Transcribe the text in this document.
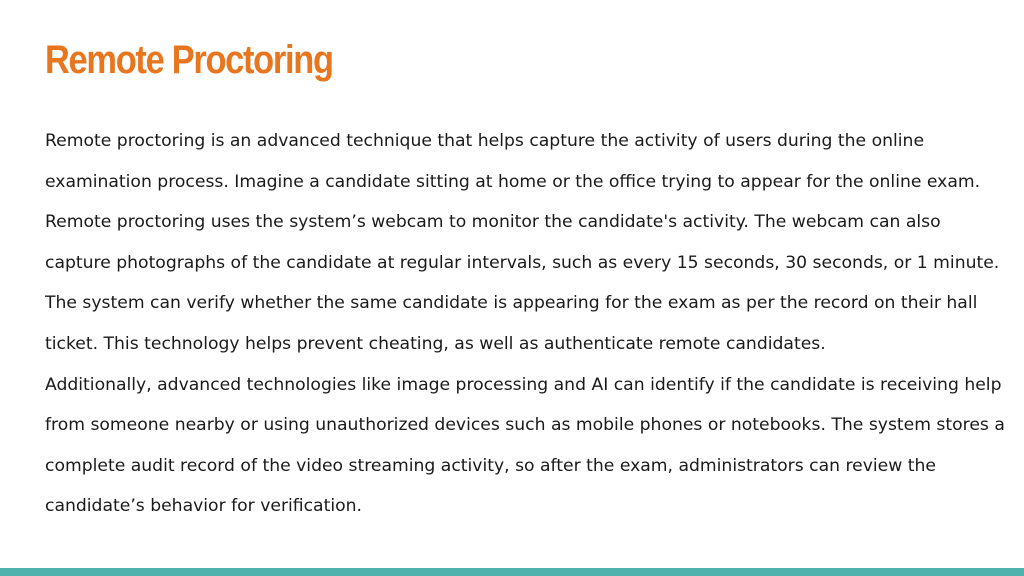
Remote Proctoring

Remote proctoring is an advanced technique that helps capture the activity of users during the online examination process. Imagine a candidate sitting at home or the office trying to appear for the online exam. Remote proctoring uses the system’s webcam to monitor the candidate's activity. The webcam can also capture photographs of the candidate at regular intervals, such as every 15 seconds, 30 seconds, or 1 minute. The system can verify whether the same candidate is appearing for the exam as per the record on their hall ticket. This technology helps prevent cheating, as well as authenticate remote candidates.

Additionally, advanced technologies like image processing and AI can identify if the candidate is receiving help from someone nearby or using unauthorized devices such as mobile phones or notebooks. The system stores a complete audit record of the video streaming activity, so after the exam, administrators can review the candidate’s behavior for verification.
